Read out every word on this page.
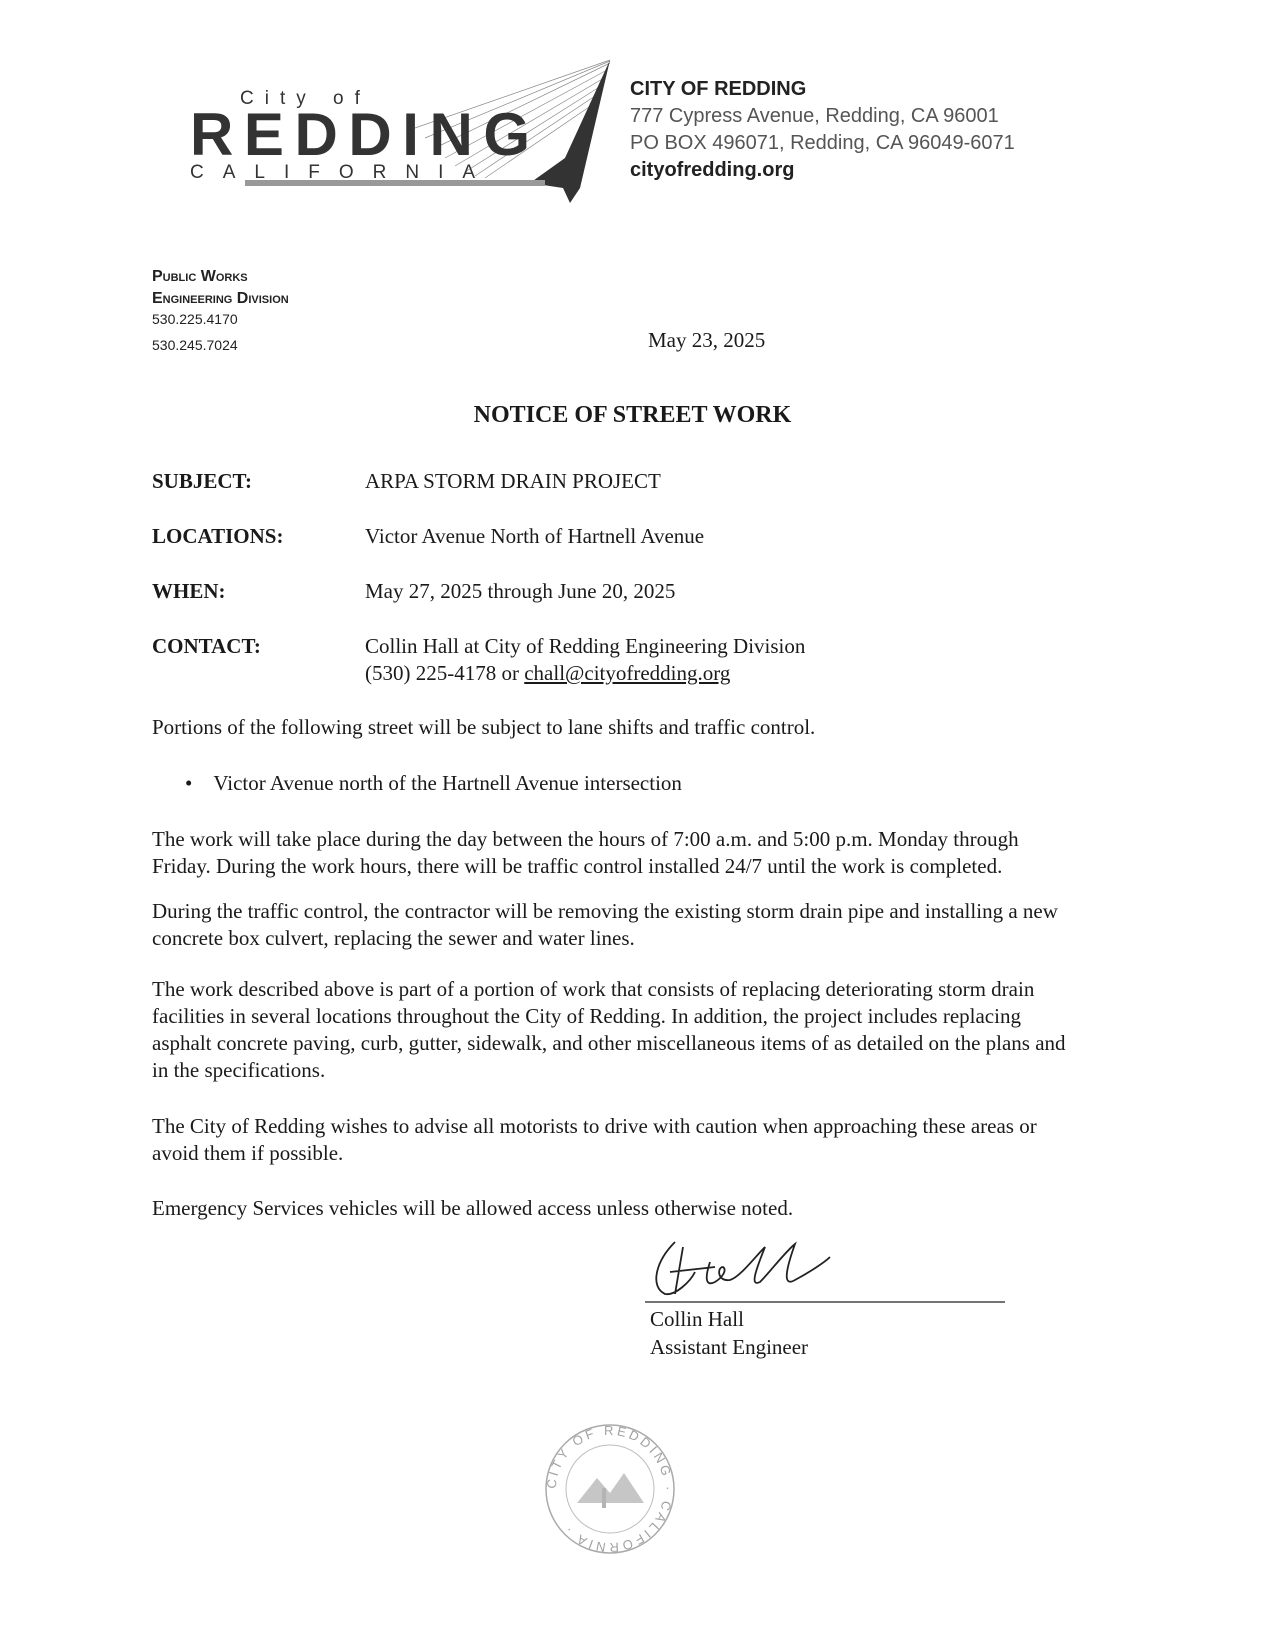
City of
REDDING
CALIFORNIA
CITY OF REDDING
777 Cypress Avenue, Redding, CA 96001
PO BOX 496071, Redding, CA 96049-6071
cityofredding.org
Public Works
Engineering Division
530.225.4170
530.245.7024	May 23, 2025
NOTICE OF STREET WORK
SUBJECT:	ARPA STORM DRAIN PROJECT
LOCATIONS:	Victor Avenue North of Hartnell Avenue
WHEN:	May 27, 2025 through June 20, 2025
CONTACT:	Collin Hall at City of Redding Engineering Division
(530) 225-4178 or chall@cityofredding.org
Portions of the following street will be subject to lane shifts and traffic control.
•    Victor Avenue north of the Hartnell Avenue intersection
The work will take place during the day between the hours of 7:00 a.m. and 5:00 p.m. Monday through Friday. During the work hours, there will be traffic control installed 24/7 until the work is completed.
During the traffic control, the contractor will be removing the existing storm drain pipe and installing a new concrete box culvert, replacing the sewer and water lines.
The work described above is part of a portion of work that consists of replacing deteriorating storm drain facilities in several locations throughout the City of Redding. In addition, the project includes replacing asphalt concrete paving, curb, gutter, sidewalk, and other miscellaneous items of as detailed on the plans and in the specifications.
The City of Redding wishes to advise all motorists to drive with caution when approaching these areas or avoid them if possible.
Emergency Services vehicles will be allowed access unless otherwise noted.
Collin Hall
Assistant Engineer
CITY OF REDDING · CALIFORNIA ·
